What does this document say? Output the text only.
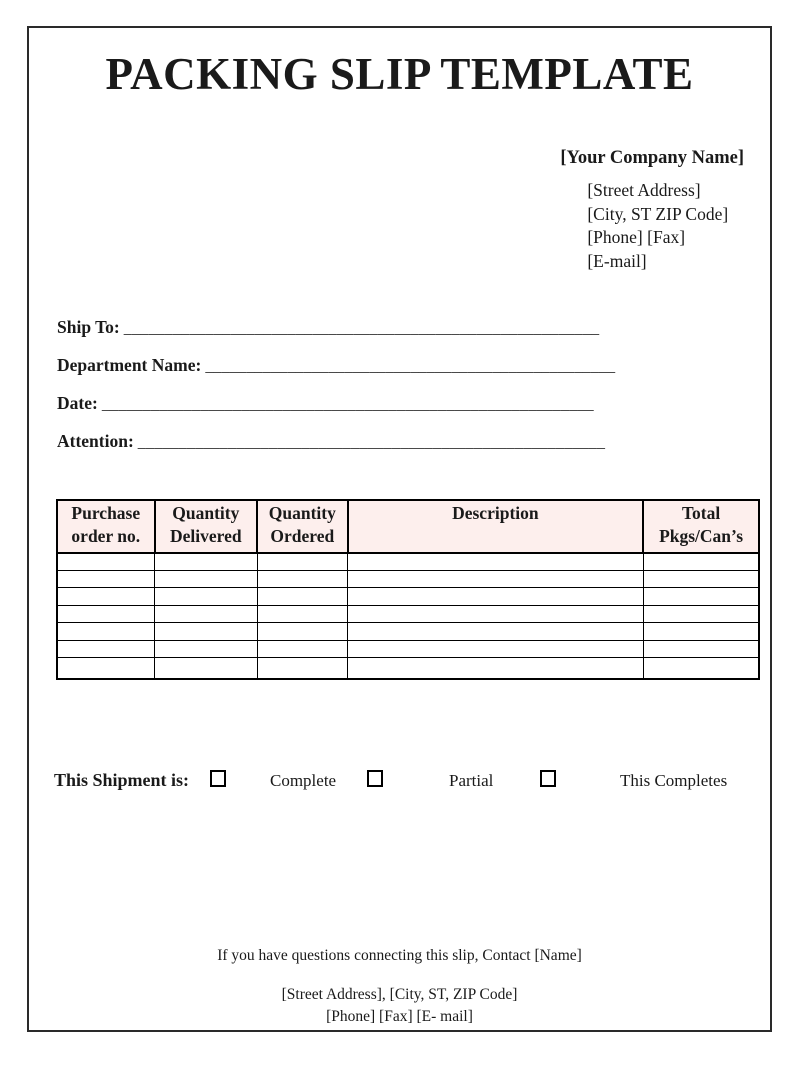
PACKING SLIP TEMPLATE
[Your Company Name]
[Street Address]
[City, ST ZIP Code]
[Phone] [Fax]
[E-mail]
Ship To: __________________________________________________________
Department Name: __________________________________________________
Date: ____________________________________________________________
Attention: _________________________________________________________
Purchase order no.	Quantity Delivered	Quantity Ordered	Description	Total Pkgs/Can’s

This Shipment is:	Complete	Partial	This Completes
If you have questions connecting this slip, Contact [Name]
[Street Address], [City, ST, ZIP Code]
[Phone] [Fax] [E- mail]
